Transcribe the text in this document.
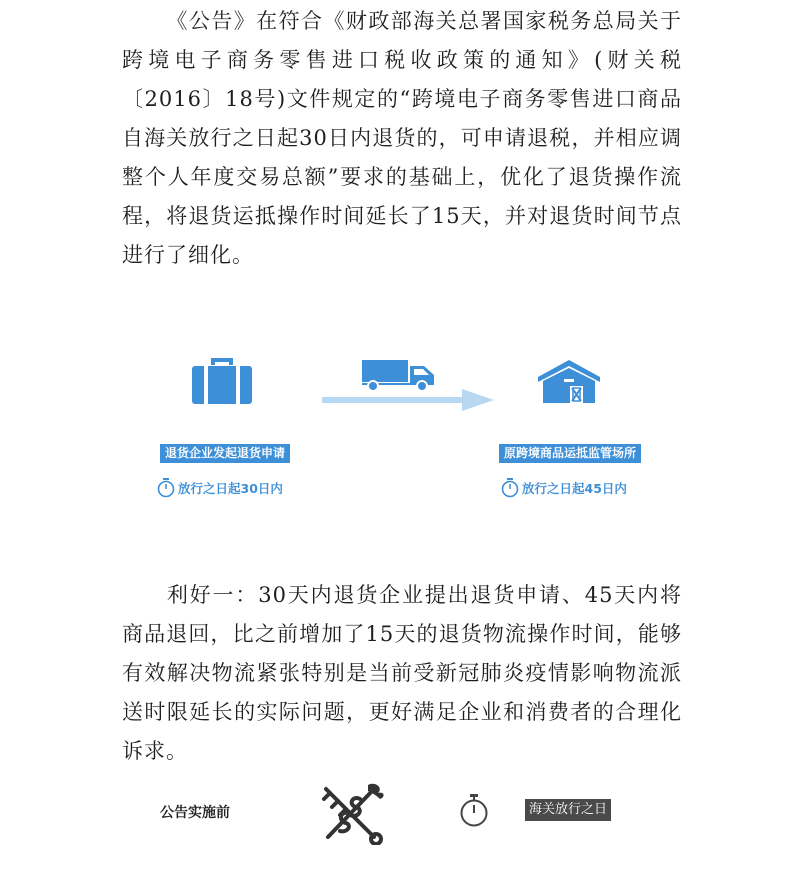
《公告》在符合《财政部海关总署国家税务总局关于跨境电子商务零售进口税收政策的通知》(财关税〔2016〕18号)文件规定的“跨境电子商务零售进口商品自海关放行之日起30日内退货的，可申请退税，并相应调整个人年度交易总额”要求的基础上，优化了退货操作流程，将退货运抵操作时间延长了15天，并对退货时间节点进行了细化。
退货企业发起退货申请	原跨境商品运抵监管场所
放行之日起30日内	放行之日起45日内
利好一：30天内退货企业提出退货申请、45天内将商品退回，比之前增加了15天的退货物流操作时间，能够有效解决物流紧张特别是当前受新冠肺炎疫情影响物流派送时限延长的实际问题，更好满足企业和消费者的合理化诉求。
公告实施前	海关放行之日
